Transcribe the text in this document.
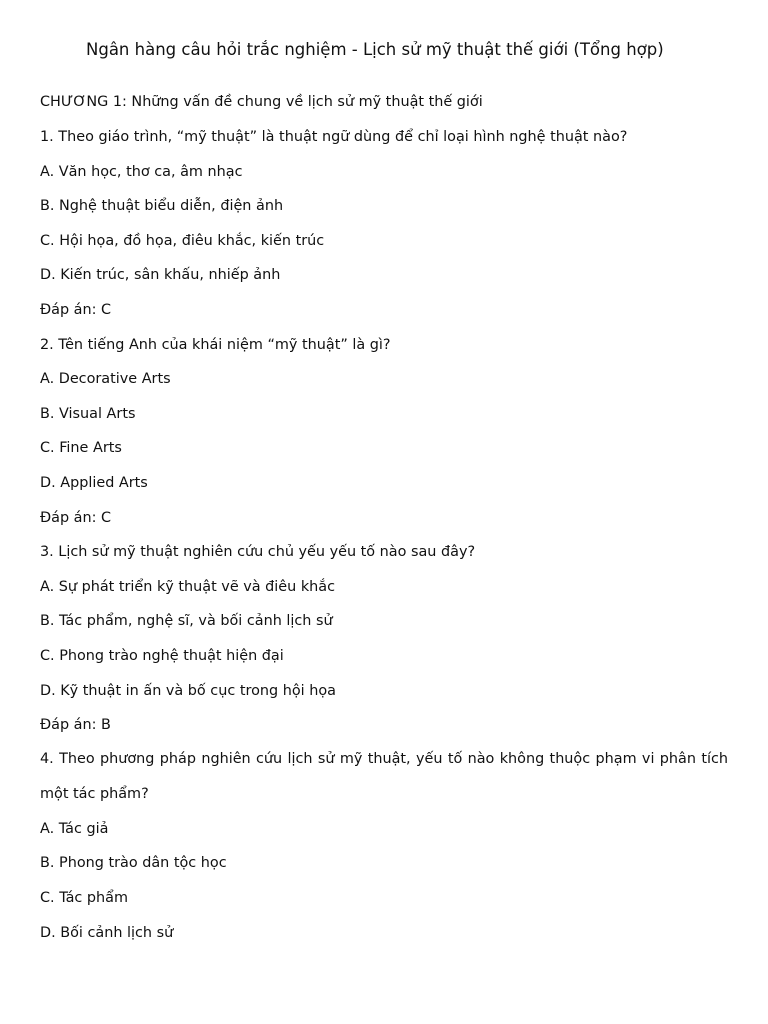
Ngân hàng câu hỏi trắc nghiệm - Lịch sử mỹ thuật thế giới (Tổng hợp)
CHƯƠNG 1: Những vấn đề chung về lịch sử mỹ thuật thế giới
1. Theo giáo trình, “mỹ thuật” là thuật ngữ dùng để chỉ loại hình nghệ thuật nào?
A. Văn học, thơ ca, âm nhạc
B. Nghệ thuật biểu diễn, điện ảnh
C. Hội họa, đồ họa, điêu khắc, kiến trúc
D. Kiến trúc, sân khấu, nhiếp ảnh
Đáp án: C
2. Tên tiếng Anh của khái niệm “mỹ thuật” là gì?
A. Decorative Arts
B. Visual Arts
C. Fine Arts
D. Applied Arts
Đáp án: C
3. Lịch sử mỹ thuật nghiên cứu chủ yếu yếu tố nào sau đây?
A. Sự phát triển kỹ thuật vẽ và điêu khắc
B. Tác phẩm, nghệ sĩ, và bối cảnh lịch sử
C. Phong trào nghệ thuật hiện đại
D. Kỹ thuật in ấn và bố cục trong hội họa
Đáp án: B
4. Theo phương pháp nghiên cứu lịch sử mỹ thuật, yếu tố nào không thuộc phạm vi phân tích một tác phẩm?
A. Tác giả
B. Phong trào dân tộc học
C. Tác phẩm
D. Bối cảnh lịch sử
